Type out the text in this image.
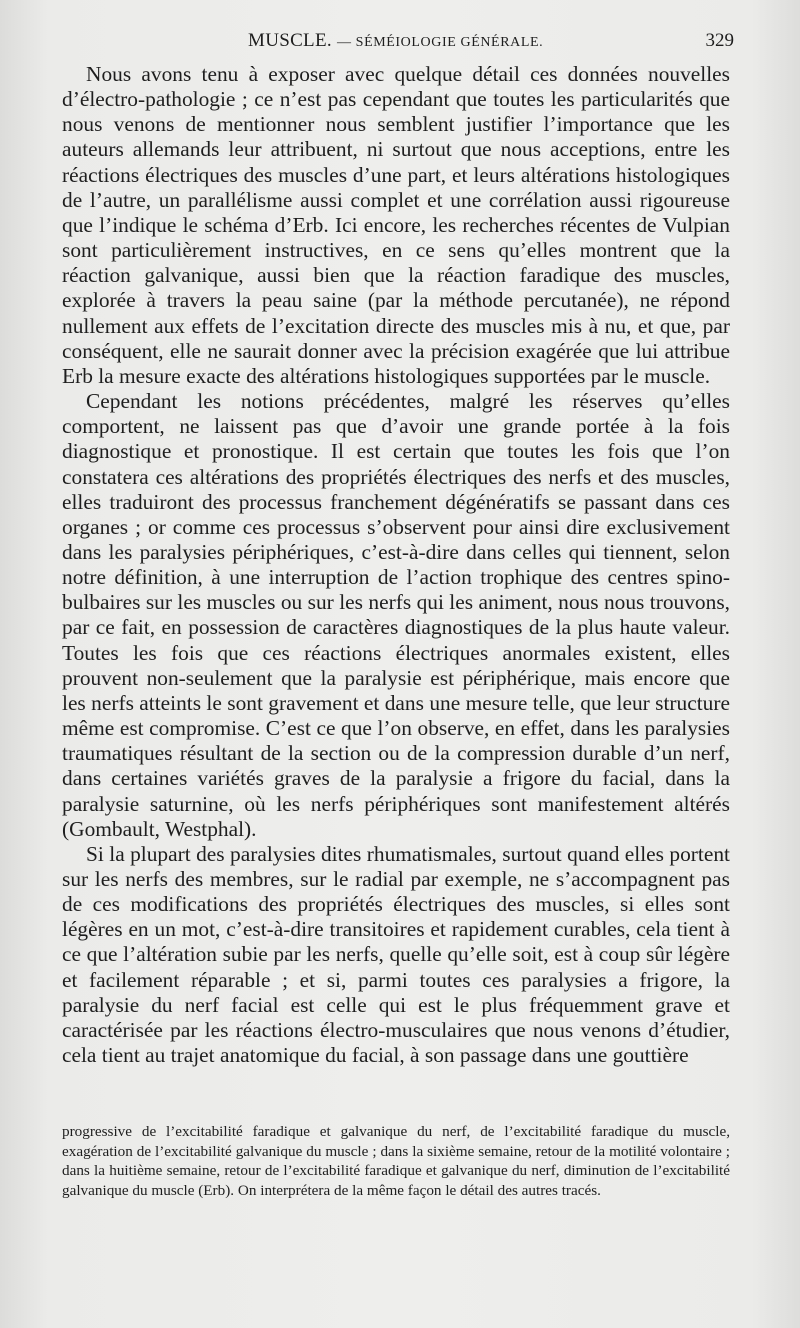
MUSCLE. — SÉMÉIOLOGIE GÉNÉRALE.	329

Nous avons tenu à exposer avec quelque détail ces données nouvelles d’électro-pathologie ; ce n’est pas cependant que toutes les particularités que nous venons de mentionner nous semblent justifier l’importance que les auteurs allemands leur attribuent, ni surtout que nous acceptions, entre les réactions électriques des muscles d’une part, et leurs altérations histologiques de l’autre, un parallélisme aussi complet et une corrélation aussi rigoureuse que l’indique le schéma d’Erb. Ici encore, les recherches récentes de Vulpian sont particulièrement instructives, en ce sens qu’elles montrent que la réaction galvanique, aussi bien que la réaction faradique des muscles, explorée à travers la peau saine (par la méthode percutanée), ne répond nullement aux effets de l’excitation directe des muscles mis à nu, et que, par conséquent, elle ne saurait donner avec la précision exagérée que lui attribue Erb la mesure exacte des altérations histologiques supportées par le muscle.

Cependant les notions précédentes, malgré les réserves qu’elles comportent, ne laissent pas que d’avoir une grande portée à la fois diagnostique et pronostique. Il est certain que toutes les fois que l’on constatera ces altérations des propriétés électriques des nerfs et des muscles, elles traduiront des processus franchement dégénératifs se passant dans ces organes ; or comme ces processus s’observent pour ainsi dire exclusivement dans les paralysies périphériques, c’est-à-dire dans celles qui tiennent, selon notre définition, à une interruption de l’action trophique des centres spino-bulbaires sur les muscles ou sur les nerfs qui les animent, nous nous trouvons, par ce fait, en possession de caractères diagnostiques de la plus haute valeur. Toutes les fois que ces réactions électriques anormales existent, elles prouvent non-seulement que la paralysie est périphérique, mais encore que les nerfs atteints le sont gravement et dans une mesure telle, que leur structure même est compromise. C’est ce que l’on observe, en effet, dans les paralysies traumatiques résultant de la section ou de la compression durable d’un nerf, dans certaines variétés graves de la paralysie a frigore du facial, dans la paralysie saturnine, où les nerfs périphériques sont manifestement altérés (Gombault, Westphal).

Si la plupart des paralysies dites rhumatismales, surtout quand elles portent sur les nerfs des membres, sur le radial par exemple, ne s’accompagnent pas de ces modifications des propriétés électriques des muscles, si elles sont légères en un mot, c’est-à-dire transitoires et rapidement curables, cela tient à ce que l’altération subie par les nerfs, quelle qu’elle soit, est à coup sûr légère et facilement réparable ; et si, parmi toutes ces paralysies a frigore, la paralysie du nerf facial est celle qui est le plus fréquemment grave et caractérisée par les réactions électro-musculaires que nous venons d’étudier, cela tient au trajet anatomique du facial, à son passage dans une gouttière

progressive de l’excitabilité faradique et galvanique du nerf, de l’excitabilité faradique du muscle, exagération de l’excitabilité galvanique du muscle ; dans la sixième semaine, retour de la motilité volontaire ; dans la huitième semaine, retour de l’excitabilité faradique et galvanique du nerf, diminution de l’excitabilité galvanique du muscle (Erb). On interprétera de la même façon le détail des autres tracés.
